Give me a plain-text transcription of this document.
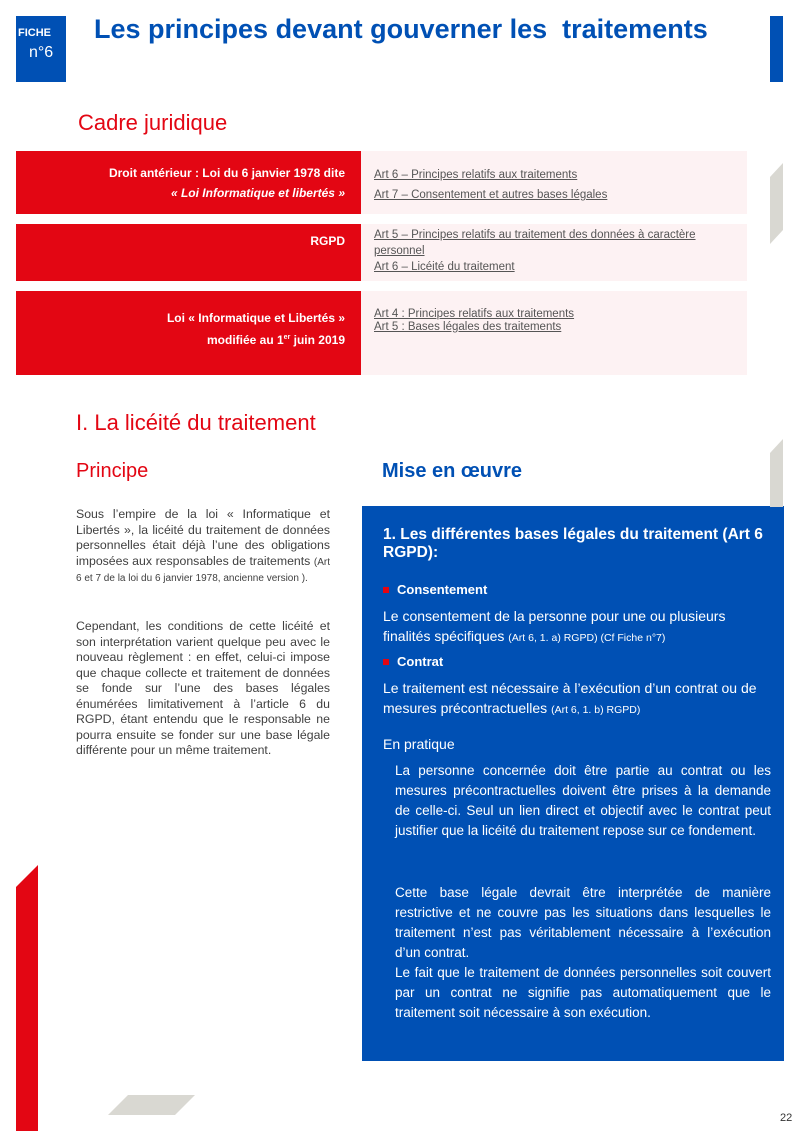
FICHE
n°6
Les principes devant gouverner les  traitements
Cadre juridique
Droit antérieur : Loi du 6 janvier 1978 dite
« Loi Informatique et libertés »
Art 6 – Principes relatifs aux traitements
Art 7 – Consentement et autres bases légales
RGPD	Art 5 – Principes relatifs au traitement des données à caractère personnel
Art 6 – Licéité du traitement
Loi « Informatique et Libertés »
modifiée au 1er juin 2019
Art 4 : Principes relatifs aux traitements
Art 5 : Bases légales des traitements
I. La licéité du traitement
Principe	Mise en œuvre
Sous l’empire de la loi « Informatique et Libertés », la licéité du traitement de données personnelles était déjà l’une des obligations imposées aux responsables de traitements (Art 6 et 7 de la loi du 6 janvier 1978, ancienne version ).
Cependant, les conditions de cette licéité et son interprétation varient quelque peu avec le nouveau règlement : en effet, celui-ci impose que chaque collecte et traitement de données se fonde sur l’une des bases légales énumérées limitativement à l’article 6 du RGPD, étant entendu que le responsable ne pourra ensuite se fonder sur une base légale différente pour un même traitement.
1. Les différentes bases légales du traitement (Art 6 RGPD):
Consentement
Le consentement de la personne pour une ou plusieurs finalités spécifiques (Art 6, 1. a) RGPD) (Cf Fiche n°7)
Contrat
Le traitement est nécessaire à l’exécution d’un contrat ou de mesures précontractuelles (Art 6, 1. b) RGPD)
En pratique
La personne concernée doit être partie au contrat ou les mesures précontractuelles doivent être prises à la demande de celle-ci. Seul un lien direct et objectif avec le contrat peut justifier que la licéité du traitement repose sur ce fondement.
Cette base légale devrait être interprétée de manière restrictive et ne couvre pas les situations dans lesquelles le traitement n’est pas véritablement nécessaire à l’exécution d’un contrat.
Le fait que le traitement de données personnelles soit couvert par un contrat ne signifie pas automatiquement que le traitement soit nécessaire à son exécution.
22
